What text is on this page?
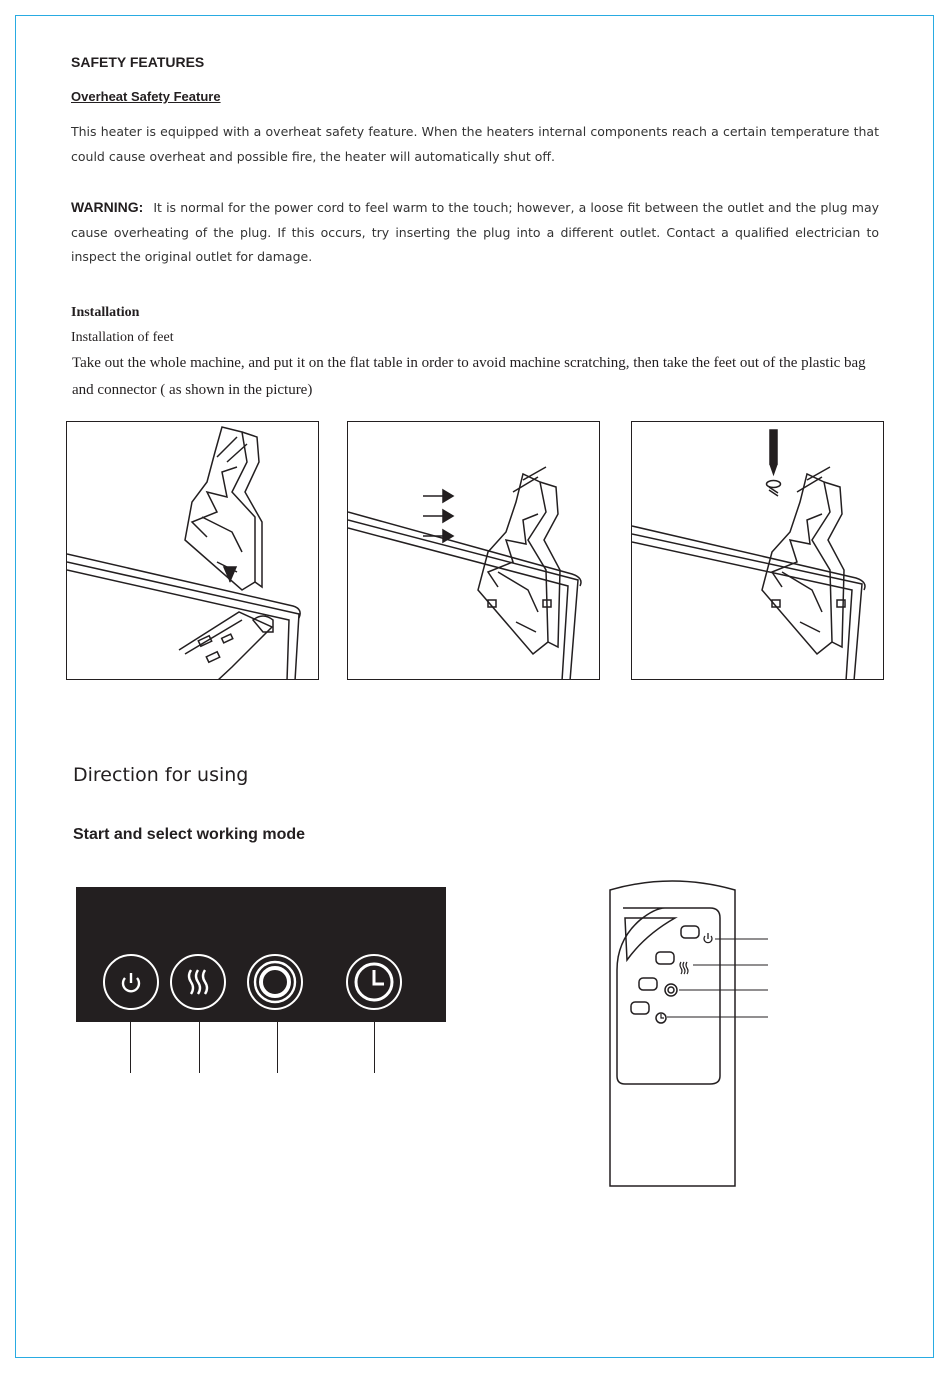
SAFETY FEATURES
Overheat Safety Feature
This heater is equipped with a overheat safety feature. When the heaters internal components reach a certain temperature that could cause overheat and possible fire, the heater will automatically shut off.
WARNING: It is normal for the power cord to feel warm to the touch; however, a loose fit between the outlet and the plug may cause overheating of the plug. If this occurs, try inserting the plug into a different outlet. Contact a qualified electrician to inspect the original outlet for damage.
Installation
Installation of feet
Take out the whole machine, and put it on the flat table in order to avoid machine scratching, then take the feet out of the plastic bag and connector ( as shown in the picture)
Direction for using
Start and select working mode
